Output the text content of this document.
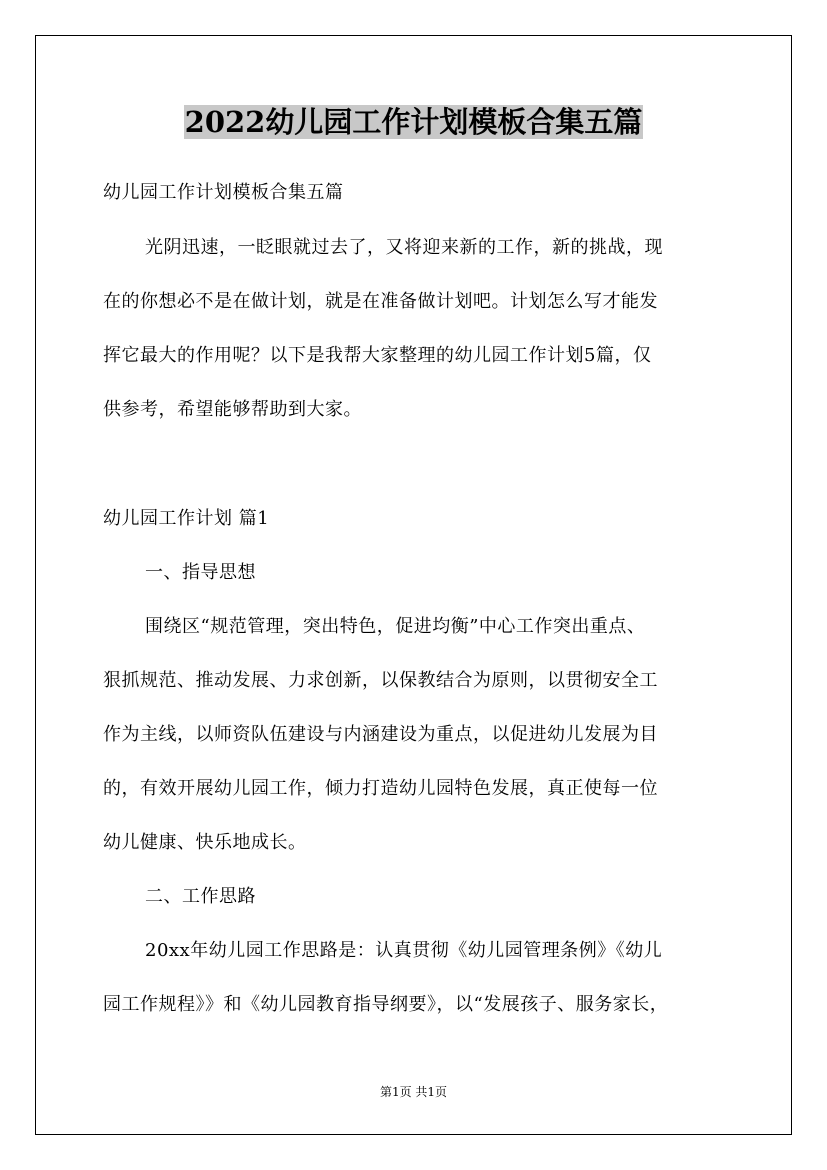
2022幼儿园工作计划模板合集五篇
幼儿园工作计划模板合集五篇
光阴迅速，一眨眼就过去了，又将迎来新的工作，新的挑战，现
在的你想必不是在做计划，就是在准备做计划吧。计划怎么写才能发
挥它最大的作用呢？以下是我帮大家整理的幼儿园工作计划5篇，仅
供参考，希望能够帮助到大家。
幼儿园工作计划 篇1
一、指导思想
围绕区“规范管理，突出特色，促进均衡”中心工作突出重点、
狠抓规范、推动发展、力求创新，以保教结合为原则，以贯彻安全工
作为主线，以师资队伍建设与内涵建设为重点，以促进幼儿发展为目
的，有效开展幼儿园工作，倾力打造幼儿园特色发展，真正使每一位
幼儿健康、快乐地成长。
二、工作思路
20xx年幼儿园工作思路是：认真贯彻《幼儿园管理条例》《幼儿
园工作规程》》和《幼儿园教育指导纲要》，以“发展孩子、服务家长，
第1页 共1页
